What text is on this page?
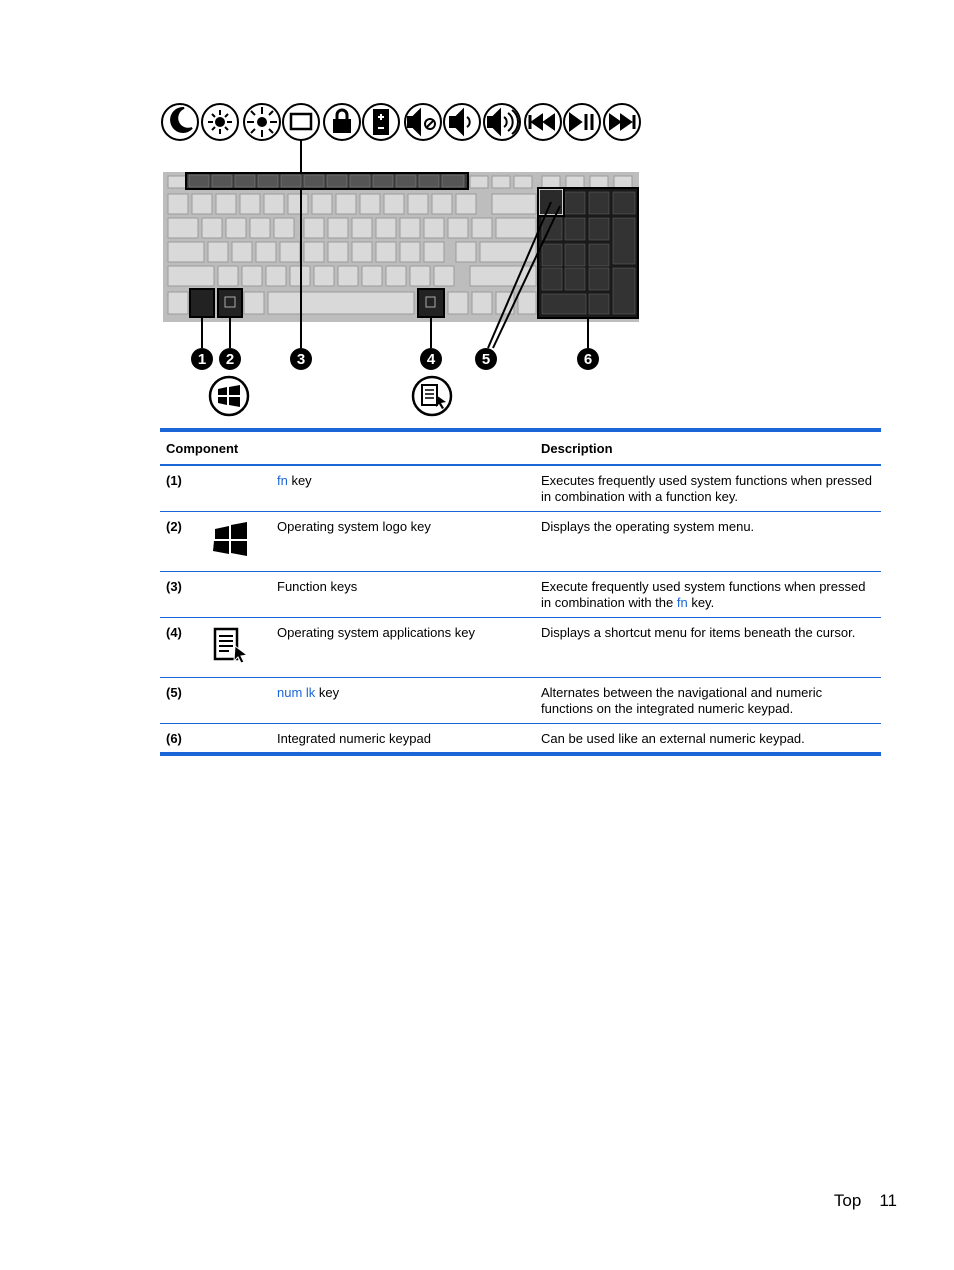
1 2	3	4	5	6
Component			Description
(1)		fn key	Executes frequently used system functions when pressed in combination with a function key.
(2)		Operating system logo key	Displays the operating system menu.
(3)		Function keys	Execute frequently used system functions when pressed in combination with the fn key.
(4)		Operating system applications key	Displays a shortcut menu for items beneath the cursor.
(5)		num lk key	Alternates between the navigational and numeric functions on the integrated numeric keypad.
(6)		Integrated numeric keypad	Can be used like an external numeric keypad.
Top 11
